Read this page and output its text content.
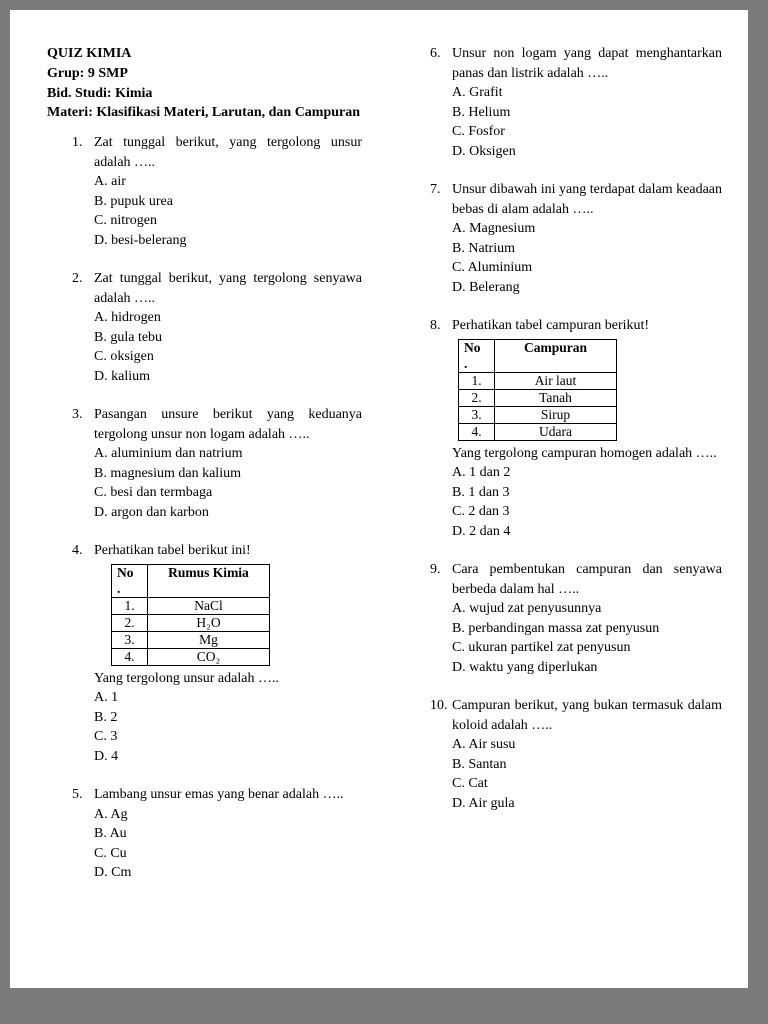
QUIZ KIMIA

Grup: 9 SMP

Bid. Studi: Kimia

Materi: Klasifikasi Materi, Larutan, dan Campuran

1. Zat tunggal berikut, yang tergolong unsur adalah …..

A. air

B. pupuk urea

C. nitrogen

D. besi-belerang

2. Zat tunggal berikut, yang tergolong senyawa adalah …..

A. hidrogen

B. gula tebu

C. oksigen

D. kalium

3. Pasangan unsure berikut yang keduanya tergolong unsur non logam adalah …..

A. aluminium dan natrium

B. magnesium dan kalium

C. besi dan termbaga

D. argon dan karbon

4. Perhatikan tabel berikut ini!

No
.	Rumus Kimia
1.	NaCl
2.	H₂O
3.	Mg
4.	CO₂

Yang tergolong unsur adalah …..

A. 1

B. 2

C. 3

D. 4

5. Lambang unsur emas yang benar adalah …..

A. Ag

B. Au

C. Cu

D. Cm

6. Unsur non logam yang dapat menghantarkan panas dan listrik adalah …..

A. Grafit

B. Helium

C. Fosfor

D. Oksigen

7. Unsur dibawah ini yang terdapat dalam keadaan bebas di alam adalah …..

A. Magnesium

B. Natrium

C. Aluminium

D. Belerang

8. Perhatikan tabel campuran berikut!

No
.	Campuran
1.	Air laut
2.	Tanah
3.	Sirup
4.	Udara

Yang tergolong campuran homogen adalah …..

A. 1 dan 2

B. 1 dan 3

C. 2 dan 3

D. 2 dan 4

9. Cara pembentukan campuran dan senyawa berbeda dalam hal …..

A. wujud zat penyusunnya

B. perbandingan massa zat penyusun

C. ukuran partikel zat penyusun

D. waktu yang diperlukan

10. Campuran berikut, yang bukan termasuk dalam koloid adalah …..

A. Air susu

B. Santan

C. Cat

D. Air gula
